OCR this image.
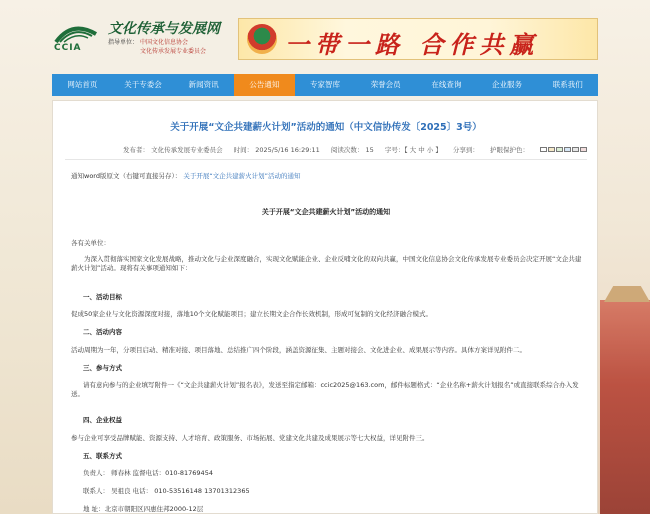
CCIA
文化传承与发展网
指导单位： 中国文化信息协会
文化传承发展专业委员会	一带一路 合作共赢
网站首页	关于专委会	新闻资讯	公告通知	专家智库	荣誉会员	在线查询	企业服务	联系我们
关于开展“文企共建薪火计划”活动的通知（中文信协传发〔2025〕3号）
发布者： 文化传承发展专业委员会 时间： 2025/5/16 16:29:11 阅读次数： 15 字号：【 大 中 小 】 分享到： 护眼保护色：
通知word版原文（右键可直接另存）： 关于开展“文企共建薪火计划”活动的通知
关于开展“文企共建薪火计划”活动的通知
各有关单位：
为深入贯彻落实国家文化发展战略，推动文化与企业深度融合，实现文化赋能企业、企业反哺文化的双向共赢，中国文化信息协会文化传承发展专业委员会决定开展“文企共建薪火计划”活动。现将有关事项通知如下：
一、活动目标
促成50家企业与文化资源深度对接，落地10个文化赋能项目；建立长期文企合作长效机制，形成可复制的文化经济融合模式。
二、活动内容
活动周期为一年，分项目启动、精准对接、项目落地、总结推广四个阶段，涵盖资源征集、主题对接会、文化进企业、成果展示等内容。具体方案详见附件二。
三、参与方式
请有意向参与的企业填写附件一《“文企共建薪火计划”报名表》，发送至指定邮箱：ccic2025@163.com，邮件标题格式：“企业名称+薪火计划报名”或直接联系综合办入发送。
四、企业权益
参与企业可享受品牌赋能、资源支持、人才培育、政策服务、市场拓展、党建文化共建及成果展示等七大权益，详见附件三。
五、联系方式
负责人： 师春林 监督电话：010-81769454
联系人： 吴祖良 电话： 010-53516148 13701312365
地 址：北京市朝阳区四惠住邦2000-12层
